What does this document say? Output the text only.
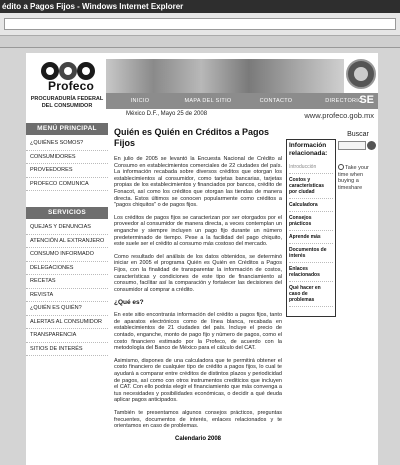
édito a Pagos Fijos - Windows Internet Explorer
Profeco
PROCURADURÍA FEDERAL DEL CONSUMIDOR
INICIO	MAPA DEL SITIO	CONTACTO	DIRECTORIO
SE
México D.F., Mayo 25 de 2008	www.profeco.gob.mx
MENÚ PRINCIPAL
¿QUIÉNES SOMOS?
CONSUMIDORES
PROVEEDORES
PROFECO COMUNICA
SERVICIOS
QUEJAS Y DENUNCIAS
ATENCIÓN AL EXTRANJERO
CONSUMO INFORMADO
DELEGACIONES
RECETAS
REVISTA
¿QUIÉN ES QUIÉN?
ALERTAS AL CONSUMIDOR
TRANSPARENCIA
SITIOS DE INTERÉS
Quién es Quién en Créditos a Pagos Fijos

En julio de 2005 se levantó la Encuesta Nacional de Crédito al Consumo en establecimientos comerciales de 22 ciudades del país. La información recabada sobre diversos créditos que otorgan los establecimientos al consumidor, como tarjetas bancarias, tarjetas propias de los establecimientos y financiados por bancos, crédito de Fonacot, así como los créditos que otorgan las tiendas de manera directa. Estos últimos se conocen popularmente como créditos a "pagos chiquitos" o de pagos fijos.

Los créditos de pagos fijos se caracterizan por ser otorgados por el proveedor al consumidor de manera directa, a veces contemplan un enganche y siempre incluyen un pago fijo durante un número predeterminado de tiempo. Pese a la facilidad del pago chiquito, este suele ser el crédito al consumo más costoso del mercado.

Como resultado del análisis de los datos obtenidos, se determinó iniciar en 2005 el programa Quién es Quién en Créditos a Pagos Fijos, con la finalidad de transparentar la información de costos, características y condiciones de este tipo de financiamiento al consumo, facilitar así la comparación y fortalecer las decisiones del consumidor al comprar a crédito.

¿Qué es?

En este sitio encontrarás información del crédito a pagos fijos, tanto de aparatos electrónicos como de línea blanca, recabada en establecimientos de 21 ciudades del país. Incluye el precio de contado, enganche, monto de pago fijo y número de pagos, como el costo financiero estimado por la Profeco, de acuerdo con la metodología del Banco de México para el cálculo del CAT.

Asimismo, dispones de una calculadora que te permitirá obtener el costo financiero de cualquier tipo de crédito a pagos fijos, lo cual te ayudará a comparar entre créditos de distintos plazos y periodicidad de pagos, así como con otros instrumentos crediticios que incluyen el CAT. Con ello podrás elegir el financiamiento que más convenga a tus necesidades y posibilidades económicas, o decidir a qué deuda aplicar pagos anticipados.

También te presentamos algunos consejos prácticos, preguntas frecuentes, documentos de interés, enlaces relacionados y te orientamos en caso de problemas.

Calendario 2008
Información relacionada:
Introducción
Costos y características por ciudad
Calculadora
Consejos prácticos
Aprende más
Documentos de interés
Enlaces relacionados
Qué hacer en caso de problemas
Buscar
Take your time when buying a timeshare
